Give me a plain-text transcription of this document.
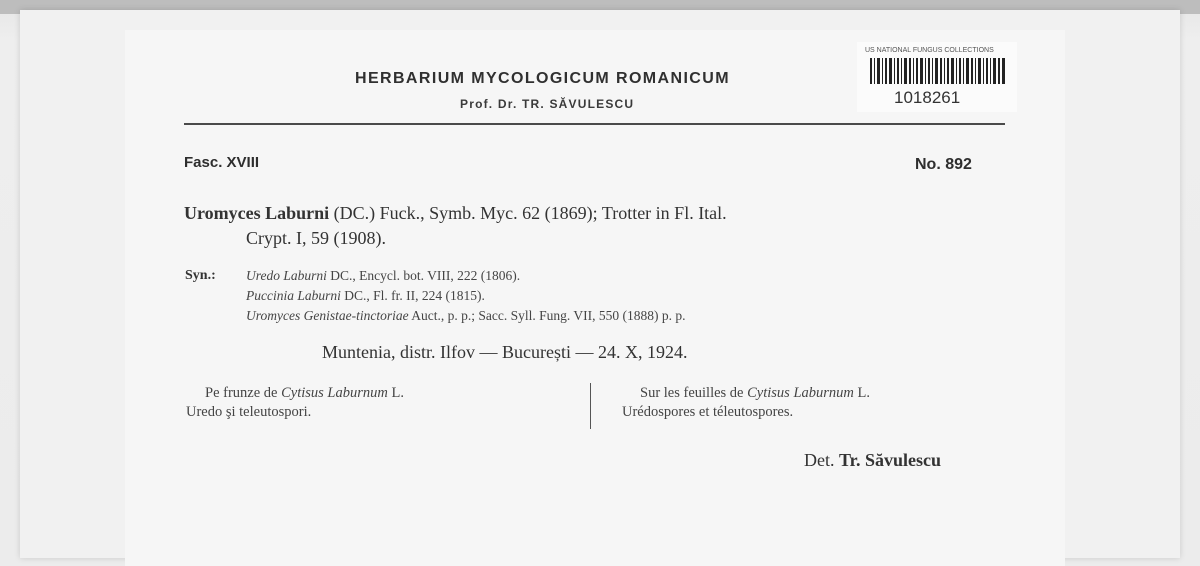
HERBARIUM MYCOLOGICUM ROMANICUM
Prof. Dr. TR. SĂVULESCU
US NATIONAL FUNGUS COLLECTIONS
1018261
Fasc. XVIII	No. 892
Uromyces Laburni (DC.) Fuck., Symb. Myc. 62 (1869); Trotter in Fl. Ital.
Crypt. I, 59 (1908).
Syn.: Uredo Laburni DC., Encycl. bot. VIII, 222 (1806).
Puccinia Laburni DC., Fl. fr. II, 224 (1815).
Uromyces Genistae-tinctoriae Auct., p. p.; Sacc. Syll. Fung. VII, 550 (1888) p. p.
Muntenia, distr. Ilfov — București — 24. X, 1924.
Pe frunze de Cytisus Laburnum L.
Uredo şi teleutospori.
Sur les feuilles de Cytisus Laburnum L.
Urédospores et téleutospores.
Det. Tr. Săvulescu
